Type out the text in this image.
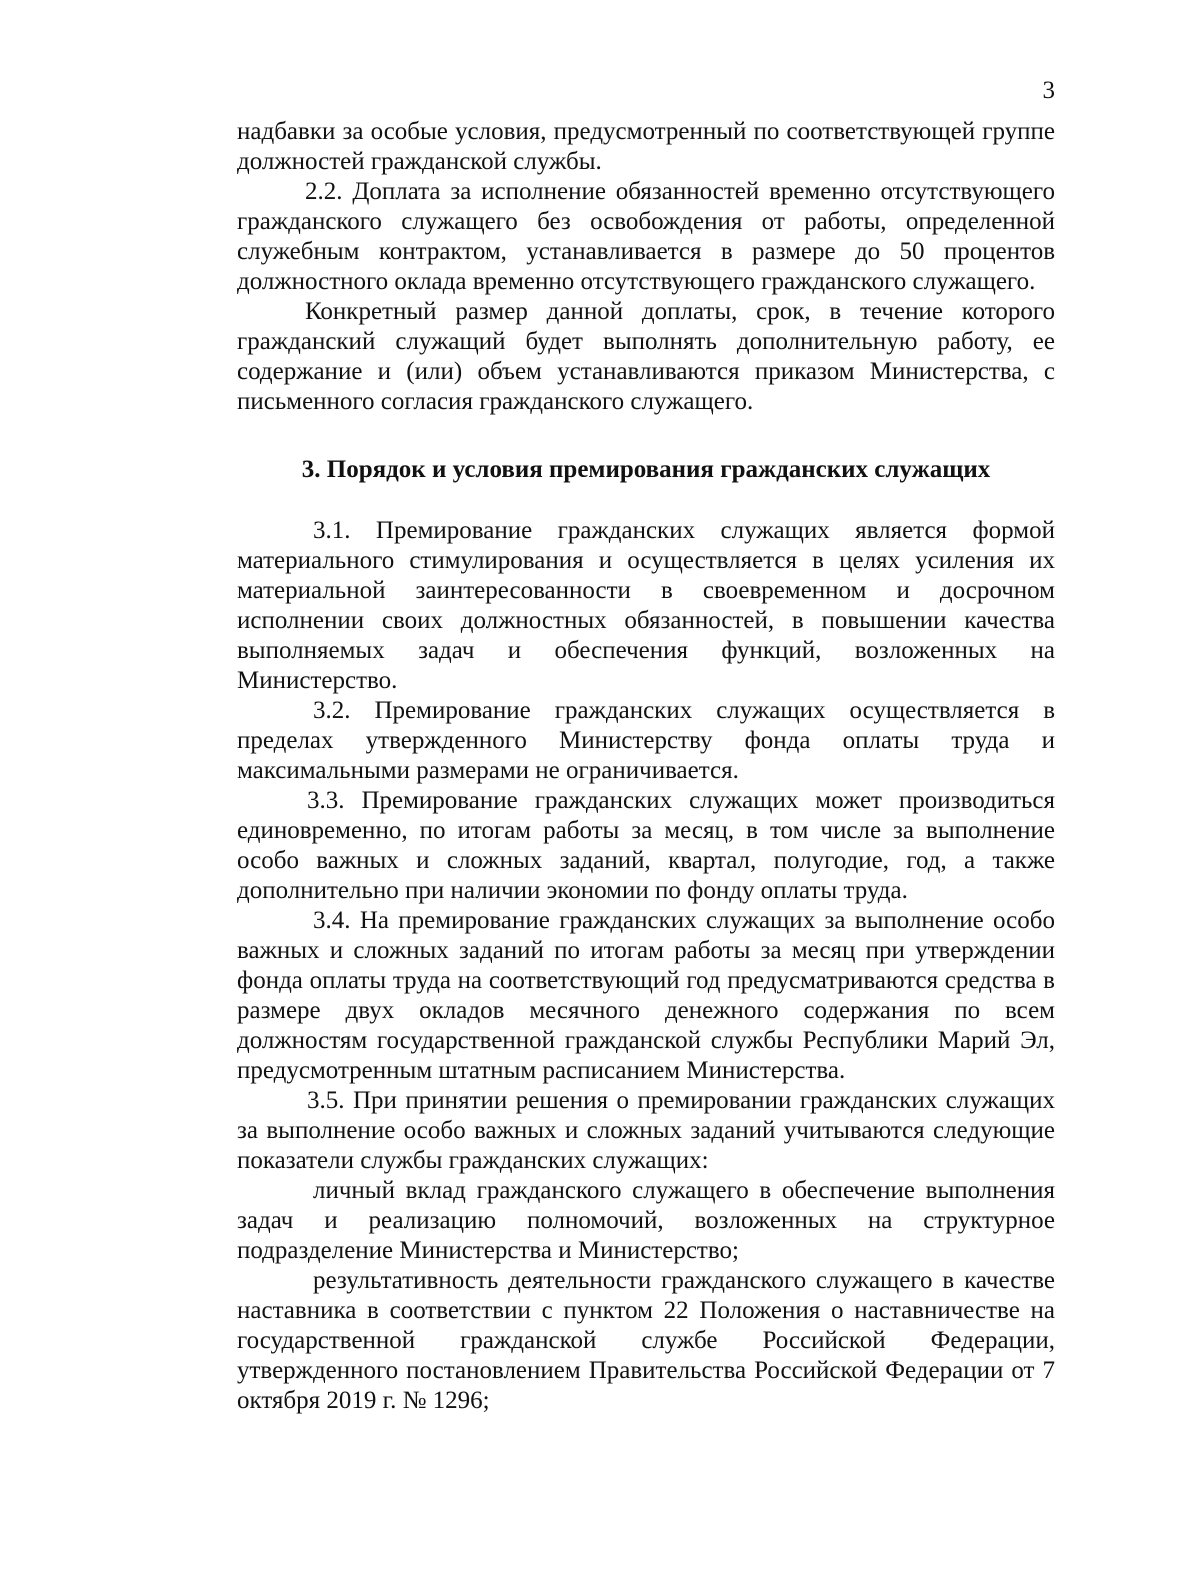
3

надбавки за особые условия, предусмотренный по соответствующей группе должностей гражданской службы.

2.2. Доплата за исполнение обязанностей временно отсутствующего гражданского служащего без освобождения от работы, определенной служебным контрактом, устанавливается в размере до 50 процентов должностного оклада временно отсутствующего гражданского служащего.

Конкретный размер данной доплаты, срок, в течение которого гражданский служащий будет выполнять дополнительную работу, ее содержание и (или) объем устанавливаются приказом Министерства, с письменного согласия гражданского служащего.

3. Порядок и условия премирования гражданских служащих

3.1. Премирование гражданских служащих является формой материального стимулирования и осуществляется в целях усиления их материальной заинтересованности в своевременном и досрочном исполнении своих должностных обязанностей, в повышении качества выполняемых задач и обеспечения функций, возложенных на Министерство.

3.2. Премирование гражданских служащих осуществляется в пределах утвержденного Министерству фонда оплаты труда и максимальными размерами не ограничивается.

3.3. Премирование гражданских служащих может производиться единовременно, по итогам работы за месяц, в том числе за выполнение особо важных и сложных заданий, квартал, полугодие, год, а также дополнительно при наличии экономии по фонду оплаты труда.

3.4. На премирование гражданских служащих за выполнение особо важных и сложных заданий по итогам работы за месяц при утверждении фонда оплаты труда на соответствующий год предусматриваются средства в размере двух окладов месячного денежного содержания по всем должностям государственной гражданской службы Республики Марий Эл, предусмотренным штатным расписанием Министерства.

3.5. При принятии решения о премировании гражданских служащих за выполнение особо важных и сложных заданий учитываются следующие показатели службы гражданских служащих:

личный вклад гражданского служащего в обеспечение выполнения задач и реализацию полномочий, возложенных на структурное подразделение Министерства и Министерство;

результативность деятельности гражданского служащего в качестве наставника в соответствии с пунктом 22 Положения о наставничестве на государственной гражданской службе Российской Федерации, утвержденного постановлением Правительства Российской Федерации от 7 октября 2019 г. № 1296;
